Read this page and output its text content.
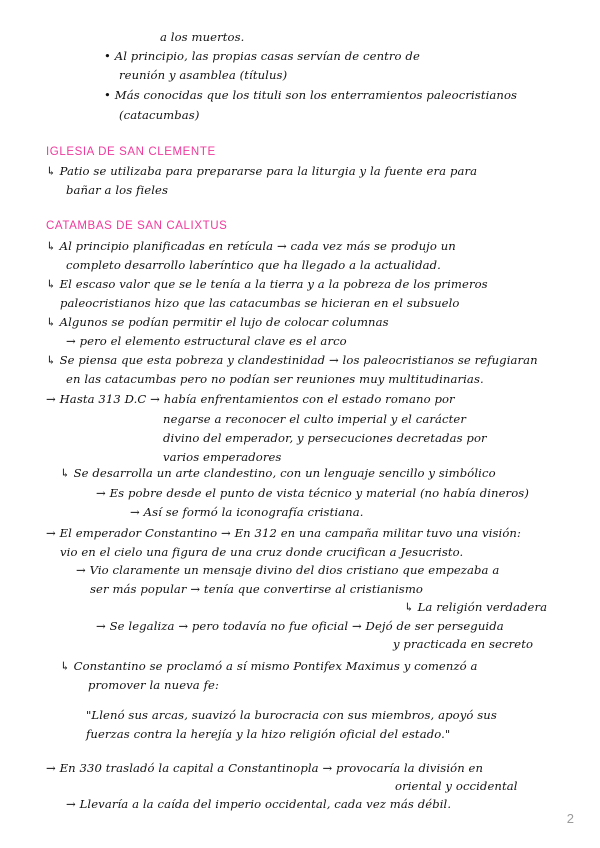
a los muertos.
• Al principio, las propias casas servían de centro de
reunión y asamblea (títulus)
• Más conocidas que los tituli son los enterramientos paleocristianos
(catacumbas)
IGLESIA DE SAN CLEMENTE
↳ Patio se utilizaba para prepararse para la liturgia y la fuente era para
bañar a los fieles
CATAMBAS DE SAN CALIXTUS
↳ Al principio planificadas en retícula → cada vez más se produjo un
completo desarrollo laberíntico que ha llegado a la actualidad.
↳ El escaso valor que se le tenía a la tierra y a la pobreza de los primeros
paleocristianos hizo que las catacumbas se hicieran en el subsuelo
↳ Algunos se podían permitir el lujo de colocar columnas
→ pero el elemento estructural clave es el arco
↳ Se piensa que esta pobreza y clandestinidad → los paleocristianos se refugiaran
en las catacumbas pero no podían ser reuniones muy multitudinarias.
→ Hasta 313 D.C → había enfrentamientos con el estado romano por
negarse a reconocer el culto imperial y el carácter
divino del emperador, y persecuciones decretadas por
varios emperadores
↳ Se desarrolla un arte clandestino, con un lenguaje sencillo y simbólico
→ Es pobre desde el punto de vista técnico y material (no había dineros)
→ Así se formó la iconografía cristiana.
→ El emperador Constantino → En 312 en una campaña militar tuvo una visión:
vio en el cielo una figura de una cruz donde crucifican a Jesucristo.
→ Vio claramente un mensaje divino del dios cristiano que empezaba a
ser más popular → tenía que convertirse al cristianismo
↳ La religión verdadera
→ Se legaliza → pero todavía no fue oficial → Dejó de ser perseguida
y practicada en secreto
↳ Constantino se proclamó a sí mismo Pontifex Maximus y comenzó a
promover la nueva fe:
"Llenó sus arcas, suavizó la burocracia con sus miembros, apoyó sus
fuerzas contra la herejía y la hizo religión oficial del estado."
→ En 330 trasladó la capital a Constantinopla → provocaría la división en
oriental y occidental
→ Llevaría a la caída del imperio occidental, cada vez más débil.
2
